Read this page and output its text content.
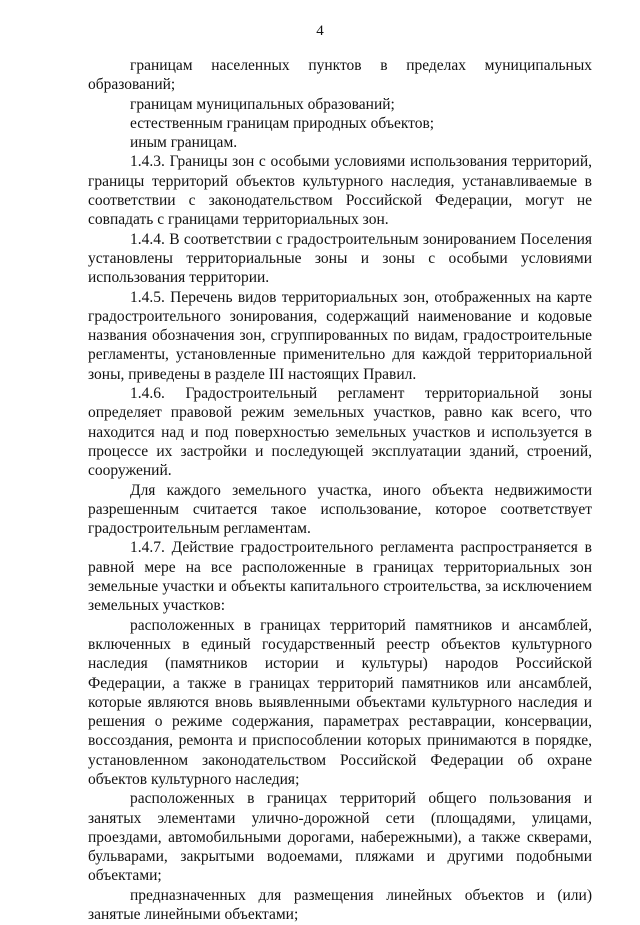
4

границам населенных пунктов в пределах муниципальных образований;

границам муниципальных образований;

естественным границам природных объектов;

иным границам.

1.4.3. Границы зон с особыми условиями использования территорий, границы территорий объектов культурного наследия, устанавливаемые в соответствии с законодательством Российской Федерации, могут не совпадать с границами территориальных зон.

1.4.4. В соответствии с градостроительным зонированием Поселения установлены территориальные зоны и зоны с особыми условиями использования территории.

1.4.5. Перечень видов территориальных зон, отображенных на карте градостроительного зонирования, содержащий наименование и кодовые названия обозначения зон, сгруппированных по видам, градостроительные регламенты, установленные применительно для каждой территориальной зоны, приведены в разделе III настоящих Правил.

1.4.6. Градостроительный регламент территориальной зоны определяет правовой режим земельных участков, равно как всего, что находится над и под поверхностью земельных участков и используется в процессе их застройки и последующей эксплуатации зданий, строений, сооружений.

Для каждого земельного участка, иного объекта недвижимости разрешенным считается такое использование, которое соответствует градостроительным регламентам.

1.4.7. Действие градостроительного регламента распространяется в равной мере на все расположенные в границах территориальных зон земельные участки и объекты капитального строительства, за исключением земельных участков:

расположенных в границах территорий памятников и ансамблей, включенных в единый государственный реестр объектов культурного наследия (памятников истории и культуры) народов Российской Федерации, а также в границах территорий памятников или ансамблей, которые являются вновь выявленными объектами культурного наследия и решения о режиме содержания, параметрах реставрации, консервации, воссоздания, ремонта и приспособлении которых принимаются в порядке, установленном законодательством Российской Федерации об охране объектов культурного наследия;

расположенных в границах территорий общего пользования и занятых элементами улично-дорожной сети (площадями, улицами, проездами, автомобильными дорогами, набережными), а также скверами, бульварами, закрытыми водоемами, пляжами и другими подобными объектами;

предназначенных для размещения линейных объектов и (или) занятые линейными объектами;
